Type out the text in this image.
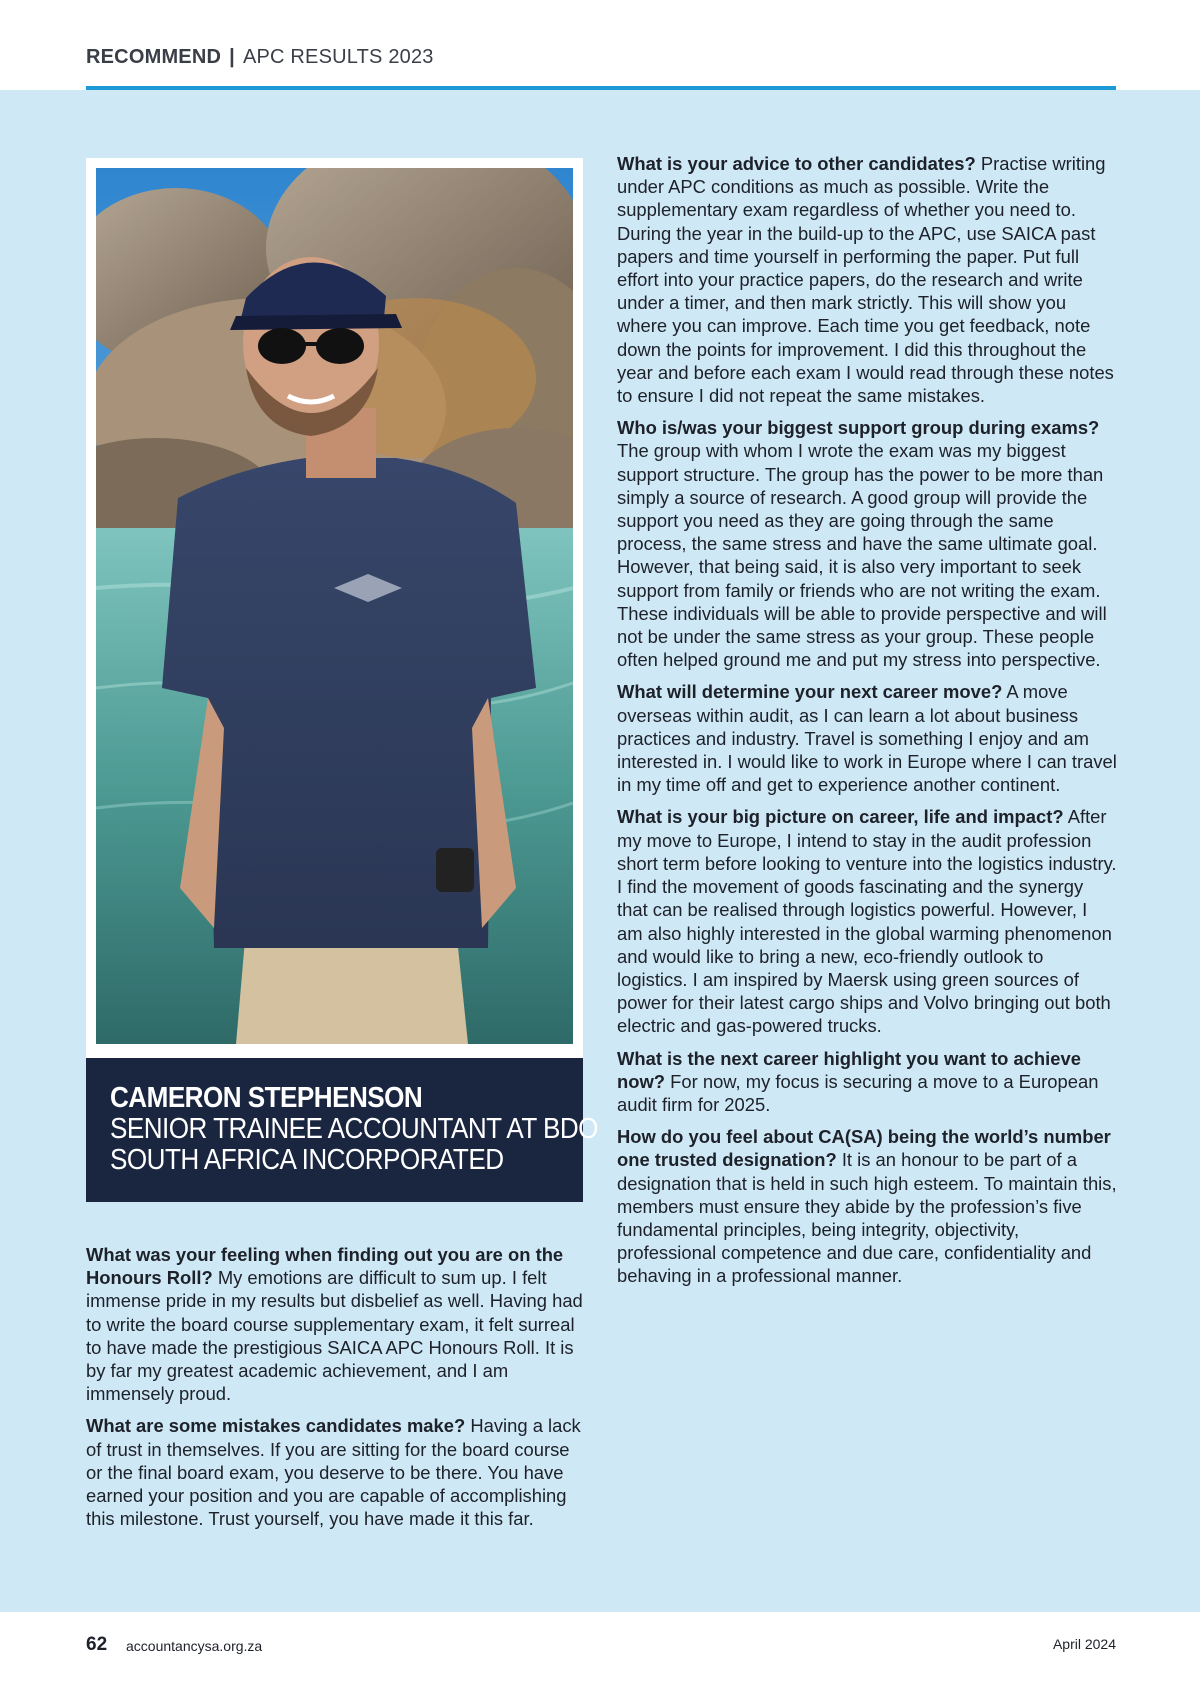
RECOMMEND | APC RESULTS 2023
CAMERON STEPHENSON
SENIOR TRAINEE ACCOUNTANT AT BDO
SOUTH AFRICA INCORPORATED

What was your feeling when finding out you are on the Honours Roll? My emotions are difficult to sum up. I felt immense pride in my results but disbelief as well. Having had to write the board course supplementary exam, it felt surreal to have made the prestigious SAICA APC Honours Roll. It is by far my greatest academic achievement, and I am immensely proud.

What are some mistakes candidates make? Having a lack of trust in themselves. If you are sitting for the board course or the final board exam, you deserve to be there. You have earned your position and you are capable of accomplishing this milestone. Trust yourself, you have made it this far.

What is your advice to other candidates? Practise writing under APC conditions as much as possible. Write the supplementary exam regardless of whether you need to. During the year in the build-up to the APC, use SAICA past papers and time yourself in performing the paper. Put full effort into your practice papers, do the research and write under a timer, and then mark strictly. This will show you where you can improve. Each time you get feedback, note down the points for improvement. I did this throughout the year and before each exam I would read through these notes to ensure I did not repeat the same mistakes.

Who is/was your biggest support group during exams? The group with whom I wrote the exam was my biggest support structure. The group has the power to be more than simply a source of research. A good group will provide the support you need as they are going through the same process, the same stress and have the same ultimate goal. However, that being said, it is also very important to seek support from family or friends who are not writing the exam. These individuals will be able to provide perspective and will not be under the same stress as your group. These people often helped ground me and put my stress into perspective.

What will determine your next career move? A move overseas within audit, as I can learn a lot about business practices and industry. Travel is something I enjoy and am interested in. I would like to work in Europe where I can travel in my time off and get to experience another continent.

What is your big picture on career, life and impact? After my move to Europe, I intend to stay in the audit profession short term before looking to venture into the logistics industry. I find the movement of goods fascinating and the synergy that can be realised through logistics powerful. However, I am also highly interested in the global warming phenomenon and would like to bring a new, eco-friendly outlook to logistics. I am inspired by Maersk using green sources of power for their latest cargo ships and Volvo bringing out both electric and gas-powered trucks.

What is the next career highlight you want to achieve now? For now, my focus is securing a move to a European audit firm for 2025.

How do you feel about CA(SA) being the world’s number one trusted designation? It is an honour to be part of a designation that is held in such high esteem. To maintain this, members must ensure they abide by the profession’s five fundamental principles, being integrity, objectivity, professional competence and due care, confidentiality and behaving in a professional manner.

62 accountancysa.org.za	April 2024
